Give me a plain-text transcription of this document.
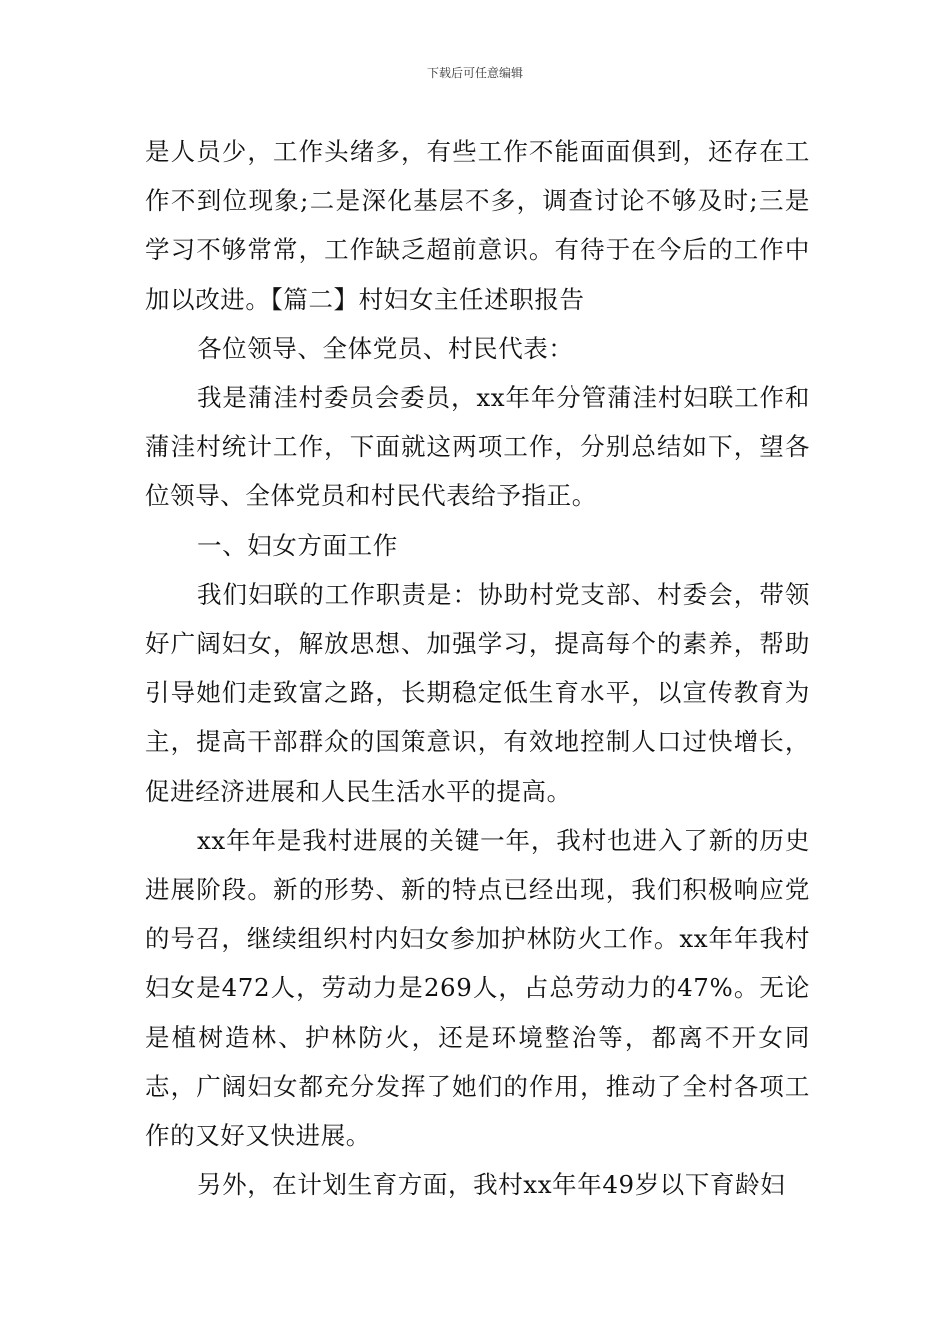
下载后可任意编辑

是人员少，工作头绪多，有些工作不能面面俱到，还存在工作不到位现象;二是深化基层不多，调查讨论不够及时;三是学习不够常常，工作缺乏超前意识。有待于在今后的工作中加以改进。【篇二】村妇女主任述职报告

各位领导、全体党员、村民代表：

我是蒲洼村委员会委员，xx年年分管蒲洼村妇联工作和蒲洼村统计工作，下面就这两项工作，分别总结如下，望各位领导、全体党员和村民代表给予指正。

一、妇女方面工作

我们妇联的工作职责是：协助村党支部、村委会，带领好广阔妇女，解放思想、加强学习，提高每个的素养，帮助引导她们走致富之路，长期稳定低生育水平，以宣传教育为主，提高干部群众的国策意识，有效地控制人口过快增长，促进经济进展和人民生活水平的提高。

xx年年是我村进展的关键一年，我村也进入了新的历史进展阶段。新的形势、新的特点已经出现，我们积极响应党的号召，继续组织村内妇女参加护林防火工作。xx年年我村妇女是472人，劳动力是269人，占总劳动力的47%。无论是植树造林、护林防火，还是环境整治等，都离不开女同志，广阔妇女都充分发挥了她们的作用，推动了全村各项工作的又好又快进展。

另外，在计划生育方面，我村xx年年49岁以下育龄妇
